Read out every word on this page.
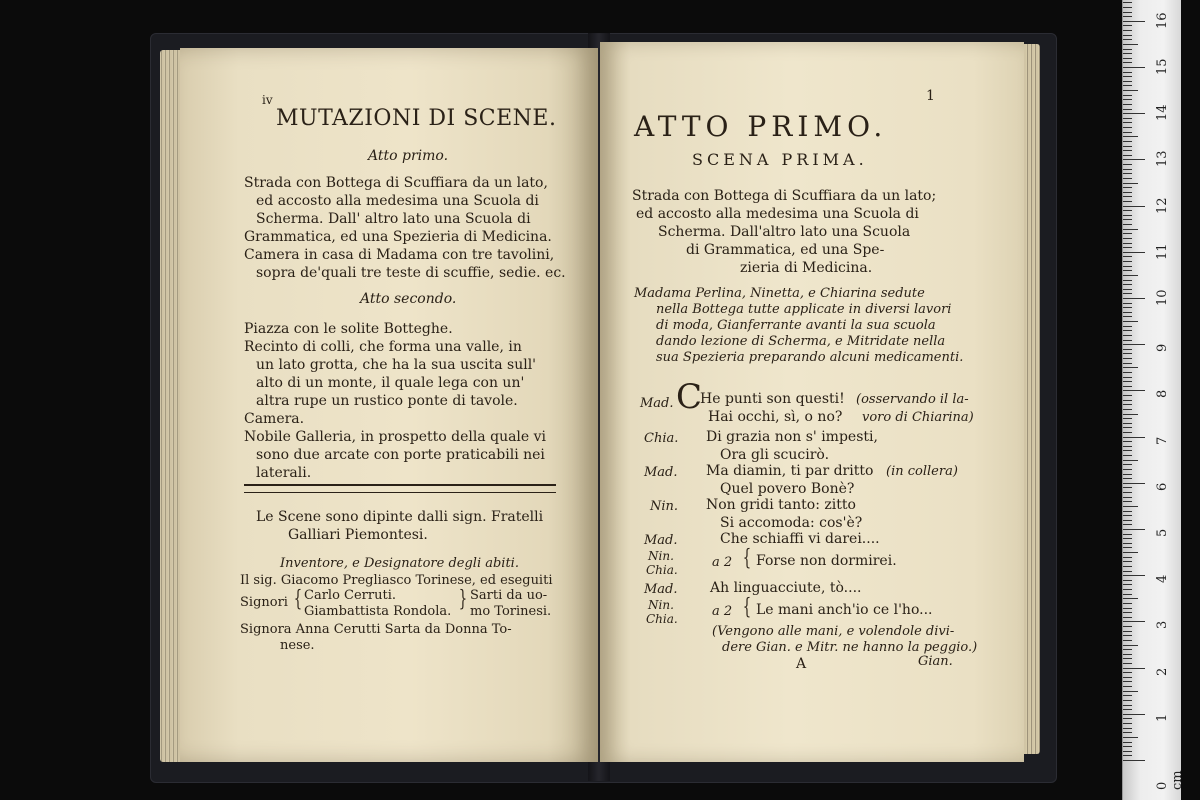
iv
MUTAZIONI DI SCENE.
Atto primo.
Strada con Bottega di Scuffiara da un lato,
ed accosto alla medesima una Scuola di
Scherma. Dall' altro lato una Scuola di
Grammatica, ed una Spezieria di Medicina.
Camera in casa di Madama con tre tavolini,
sopra de'quali tre teste di scuffie, sedie. ec.
Atto secondo.
Piazza con le solite Botteghe.
Recinto di colli, che forma una valle, in
un lato grotta, che ha la sua uscita sull'
alto di un monte, il quale lega con un'
altra rupe un rustico ponte di tavole.
Camera.
Nobile Galleria, in prospetto della quale vi
sono due arcate con porte praticabili nei
laterali.
Le Scene sono dipinte dalli sign. Fratelli
Galliari Piemontesi.
Inventore, e Designatore degli abiti.
Il sig. Giacomo Pregliasco Torinese, ed eseguiti
Signori { Carlo Cerruti.
Giambattista Rondola. } Sarti da uo-
mo Torinesi.
Signora Anna Cerutti Sarta da Donna To-
nese.
1
ATTO PRIMO.
SCENA PRIMA.
Strada con Bottega di Scuffiara da un lato;
ed accosto alla medesima una Scuola di
Scherma. Dall'altro lato una Scuola
di Grammatica, ed una Spe-
zieria di Medicina.
Madama Perlina, Ninetta, e Chiarina sedute
nella Bottega tutte applicate in diversi lavori
di moda, Gianferrante avanti la sua scuola
dando lezione di Scherma, e Mitridate nella
sua Spezieria preparando alcuni medicamenti.
Mad. C
He punti son questi! (osservando il la-
Hai occhi, sì, o no? voro di Chiarina)
Chia. Di grazia non s' impesti,
Ora gli scucirò.
Mad. Ma diamin, ti par dritto (in collera)
Quel povero Bonè?
Nin. Non gridi tanto: zitto
Si accomoda: cos'è?
Mad.	Che schiaffi vi darei....
Nin.
Chia.	a 2 { Forse non dormirei.
Mad. Ah linguacciute, tò....
Nin.
Chia.	a 2 { Le mani anch'io ce l'ho...
(Vengono alle mani, e volendole divi-
dere Gian. e Mitr. ne hanno la peggio.)
A	Gian.
0 cm
1
2
3
4
5
6
7
8
9
10
11
12
13
14
15
16
